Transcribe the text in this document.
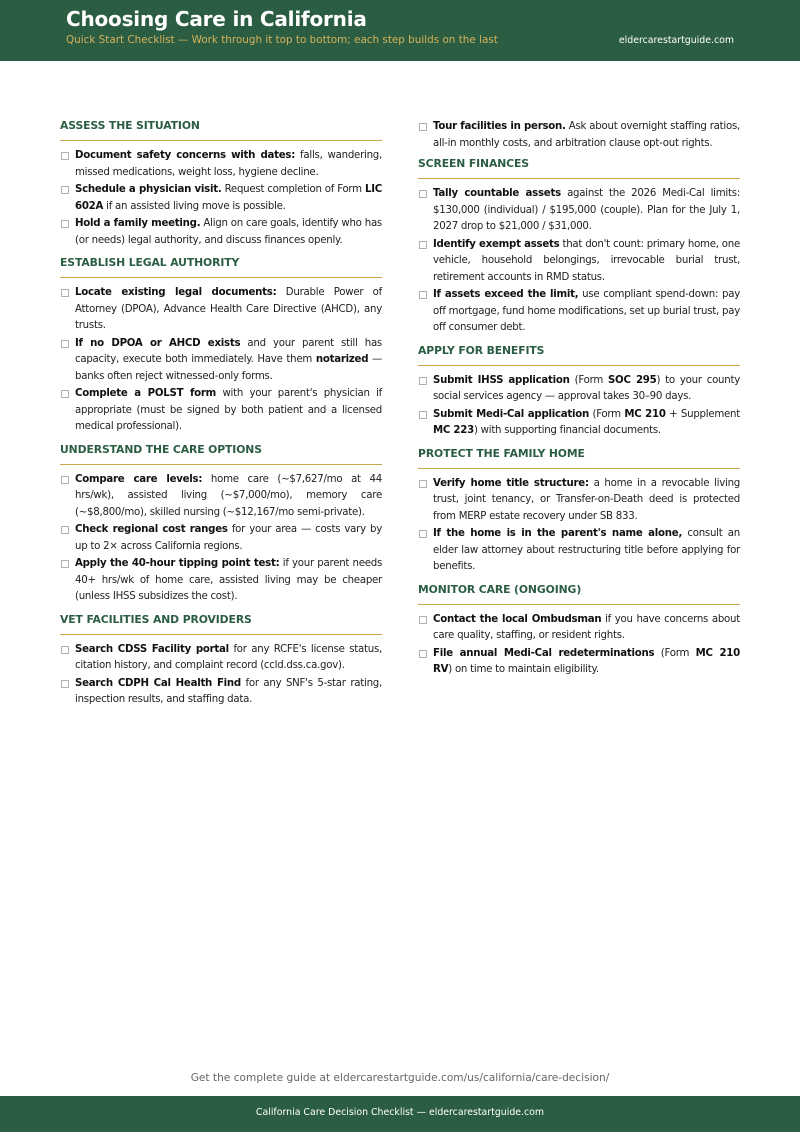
Choosing Care in California
Quick Start Checklist — Work through it top to bottom; each step builds on the last	eldercarestartguide.com
ASSESS THE SITUATION
Document safety concerns with dates: falls, wandering, missed medications, weight loss, hygiene decline.
Schedule a physician visit. Request completion of Form LIC 602A if an assisted living move is possible.
Hold a family meeting. Align on care goals, identify who has (or needs) legal authority, and discuss finances openly.
ESTABLISH LEGAL AUTHORITY
Locate existing legal documents: Durable Power of Attorney (DPOA), Advance Health Care Directive (AHCD), any trusts.
If no DPOA or AHCD exists and your parent still has capacity, execute both immediately. Have them notarized — banks often reject witnessed-only forms.
Complete a POLST form with your parent's physician if appropriate (must be signed by both patient and a licensed medical professional).
UNDERSTAND THE CARE OPTIONS
Compare care levels: home care (~$7,627/mo at 44 hrs/wk), assisted living (~$7,000/mo), memory care (~$8,800/mo), skilled nursing (~$12,167/mo semi-private).
Check regional cost ranges for your area — costs vary by up to 2× across California regions.
Apply the 40-hour tipping point test: if your parent needs 40+ hrs/wk of home care, assisted living may be cheaper (unless IHSS subsidizes the cost).
VET FACILITIES AND PROVIDERS
Search CDSS Facility portal for any RCFE's license status, citation history, and complaint record (ccld.dss.ca.gov).
Search CDPH Cal Health Find for any SNF's 5-star rating, inspection results, and staffing data.
Tour facilities in person. Ask about overnight staffing ratios, all-in monthly costs, and arbitration clause opt-out rights.
SCREEN FINANCES
Tally countable assets against the 2026 Medi-Cal limits: $130,000 (individual) / $195,000 (couple). Plan for the July 1, 2027 drop to $21,000 / $31,000.
Identify exempt assets that don't count: primary home, one vehicle, household belongings, irrevocable burial trust, retirement accounts in RMD status.
If assets exceed the limit, use compliant spend-down: pay off mortgage, fund home modifications, set up burial trust, pay off consumer debt.
APPLY FOR BENEFITS
Submit IHSS application (Form SOC 295) to your county social services agency — approval takes 30–90 days.
Submit Medi-Cal application (Form MC 210 + Supplement MC 223) with supporting financial documents.
PROTECT THE FAMILY HOME
Verify home title structure: a home in a revocable living trust, joint tenancy, or Transfer-on-Death deed is protected from MERP estate recovery under SB 833.
If the home is in the parent's name alone, consult an elder law attorney about restructuring title before applying for benefits.
MONITOR CARE (ONGOING)
Contact the local Ombudsman if you have concerns about care quality, staffing, or resident rights.
File annual Medi-Cal redeterminations (Form MC 210 RV) on time to maintain eligibility.
Get the complete guide at eldercarestartguide.com/us/california/care-decision/
California Care Decision Checklist — eldercarestartguide.com
